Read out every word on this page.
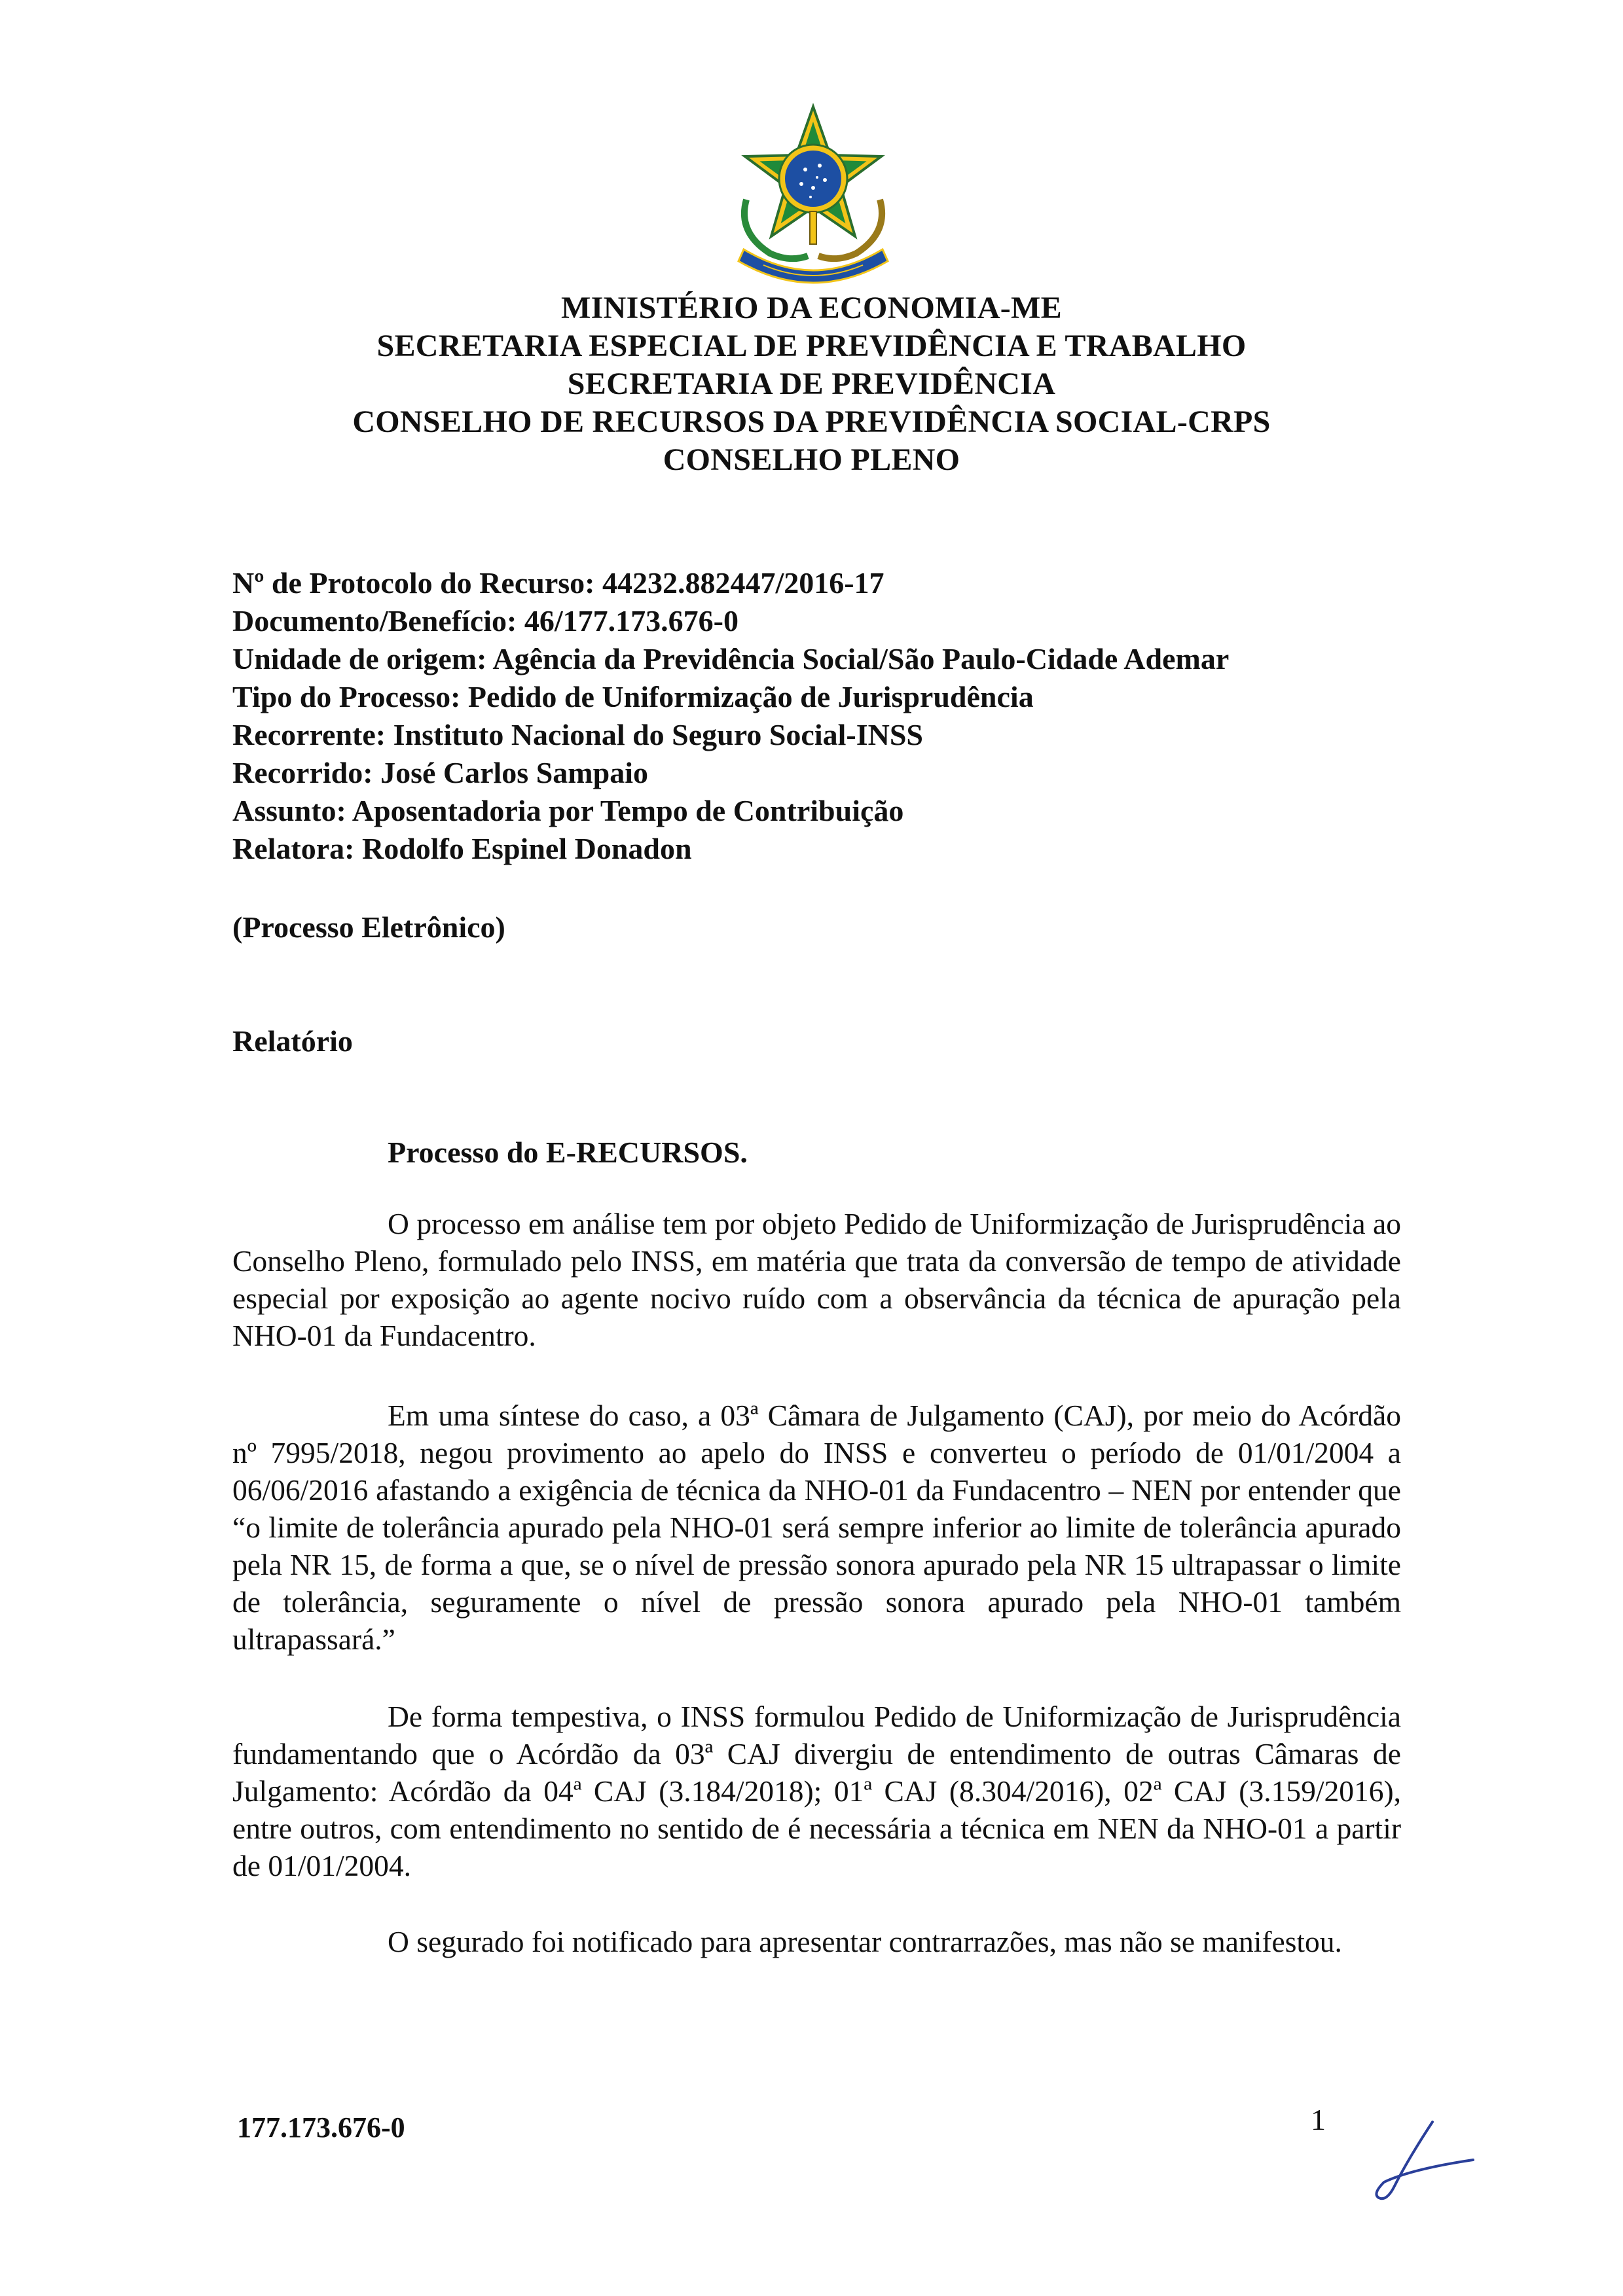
MINISTÉRIO DA ECONOMIA-ME
SECRETARIA ESPECIAL DE PREVIDÊNCIA E TRABALHO
SECRETARIA DE PREVIDÊNCIA
CONSELHO DE RECURSOS DA PREVIDÊNCIA SOCIAL-CRPS
CONSELHO PLENO
Nº de Protocolo do Recurso: 44232.882447/2016-17
Documento/Benefício: 46/177.173.676-0
Unidade de origem: Agência da Previdência Social/São Paulo-Cidade Ademar
Tipo do Processo: Pedido de Uniformização de Jurisprudência
Recorrente: Instituto Nacional do Seguro Social-INSS
Recorrido: José Carlos Sampaio
Assunto: Aposentadoria por Tempo de Contribuição
Relatora: Rodolfo Espinel Donadon
(Processo Eletrônico)
Relatório
Processo do E-RECURSOS.

O processo em análise tem por objeto Pedido de Uniformização de Jurisprudência ao Conselho Pleno, formulado pelo INSS, em matéria que trata da conversão de tempo de atividade especial por exposição ao agente nocivo ruído com a observância da técnica de apuração pela NHO-01 da Fundacentro.

Em uma síntese do caso, a 03ª Câmara de Julgamento (CAJ), por meio do Acórdão nº 7995/2018, negou provimento ao apelo do INSS e converteu o período de 01/01/2004 a 06/06/2016 afastando a exigência de técnica da NHO-01 da Fundacentro – NEN por entender que “o limite de tolerância apurado pela NHO-01 será sempre inferior ao limite de tolerância apurado pela NR 15, de forma a que, se o nível de pressão sonora apurado pela NR 15 ultrapassar o limite de tolerância, seguramente o nível de pressão sonora apurado pela NHO-01 também ultrapassará.”

De forma tempestiva, o INSS formulou Pedido de Uniformização de Jurisprudência fundamentando que o Acórdão da 03ª CAJ divergiu de entendimento de outras Câmaras de Julgamento: Acórdão da 04ª CAJ (3.184/2018); 01ª CAJ (8.304/2016), 02ª CAJ (3.159/2016), entre outros, com entendimento no sentido de é necessária a técnica em NEN da NHO-01 a partir de 01/01/2004.

O segurado foi notificado para apresentar contrarrazões, mas não se manifestou.

177.173.676-0	1
